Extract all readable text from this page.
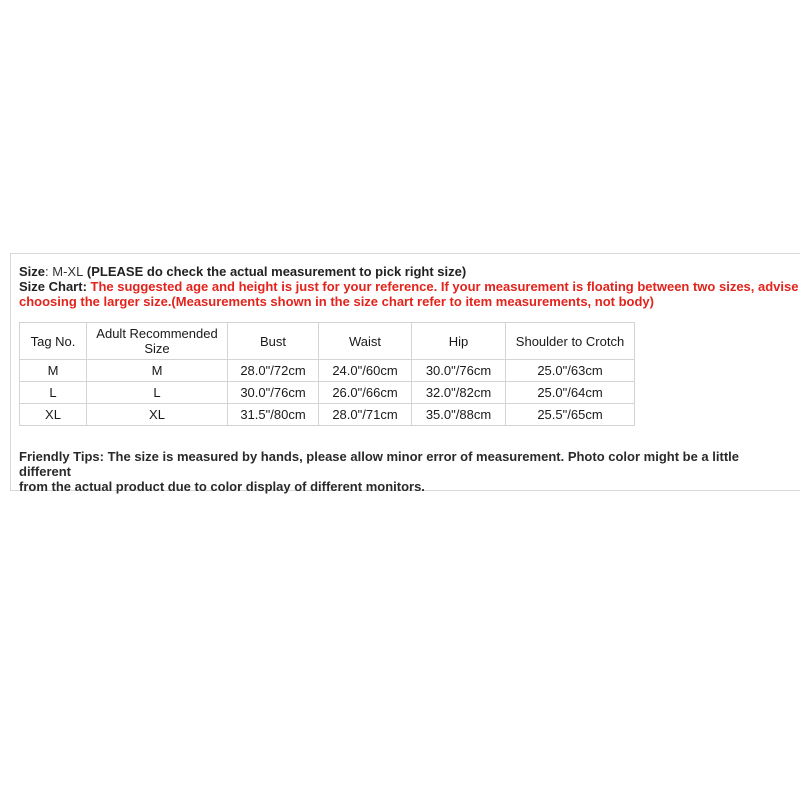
Size: M-XL (PLEASE do check the actual measurement to pick right size)
Size Chart: The suggested age and height is just for your reference. If your measurement is floating between two sizes, advise
choosing the larger size.(Measurements shown in the size chart refer to item measurements, not body)
Tag No.	Adult Recommended Size	Bust	Waist	Hip	Shoulder to Crotch
M	M	28.0"/72cm	24.0"/60cm	30.0"/76cm	25.0"/63cm
L	L	30.0"/76cm	26.0"/66cm	32.0"/82cm	25.0"/64cm
XL	XL	31.5"/80cm	28.0"/71cm	35.0"/88cm	25.5"/65cm
Friendly Tips: The size is measured by hands, please allow minor error of measurement. Photo color might be a little different
from the actual product due to color display of different monitors.
